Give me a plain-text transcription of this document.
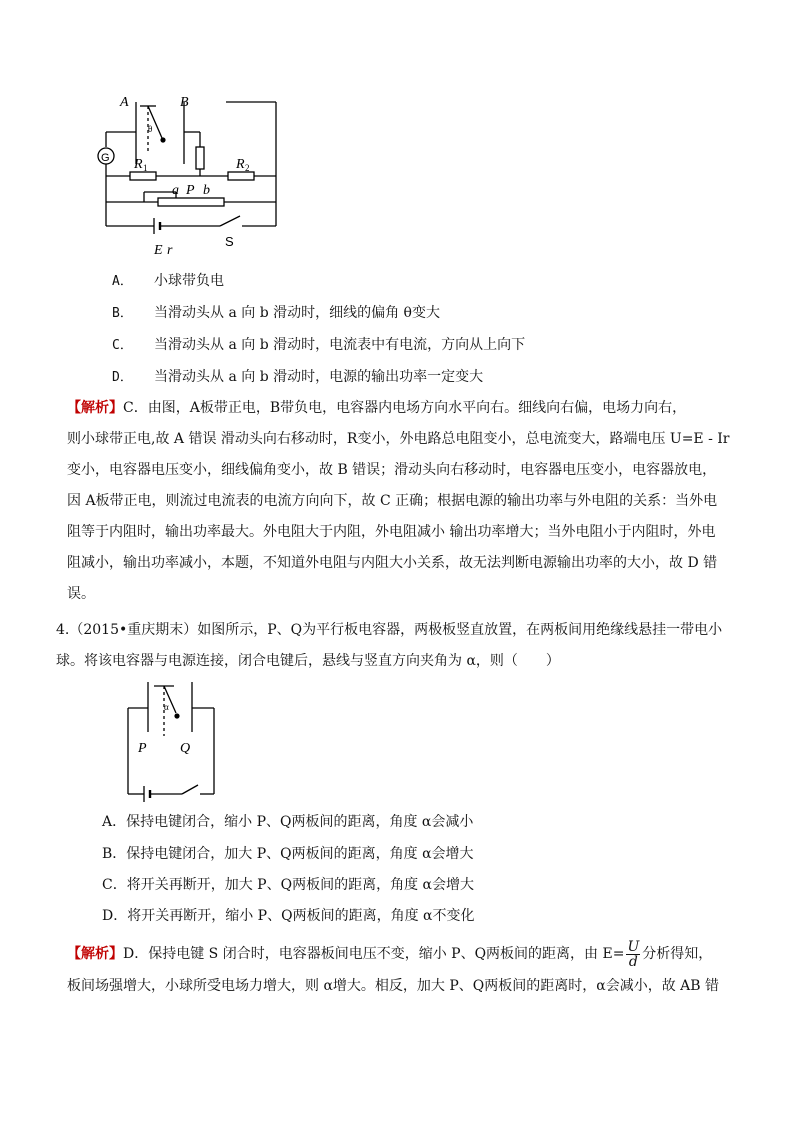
A	B
R	R
a P b
E r
1	2
θ
G
S
A． 小球带负电
B． 当滑动头从 a 向 b 滑动时，细线的偏角 θ变大
C． 当滑动头从 a 向 b 滑动时，电流表中有电流，方向从上向下
D． 当滑动头从 a 向 b 滑动时，电源的输出功率一定变大
【解析】C．由图，A板带正电，B带负电，电容器内电场方向水平向右。细线向右偏，电场力向右，
则小球带正电,故 A 错误 滑动头向右移动时，R变小，外电路总电阻变小，总电流变大，路端电压 U=E - Ir
变小，电容器电压变小，细线偏角变小，故 B 错误；滑动头向右移动时，电容器电压变小，电容器放电，
因 A板带正电，则流过电流表的电流方向向下，故 C 正确；根据电源的输出功率与外电阻的关系：当外电
阻等于内阻时，输出功率最大。外电阻大于内阻，外电阻减小 输出功率增大；当外电阻小于内阻时，外电
阻减小，输出功率减小，本题，不知道外电阻与内阻大小关系，故无法判断电源输出功率的大小，故 D 错
误。
4.（2015•重庆期末）如图所示，P、Q为平行板电容器，两极板竖直放置，在两板间用绝缘线悬挂一带电小
球。将该电容器与电源连接，闭合电键后，悬线与竖直方向夹角为 α，则（　　）
P Q
α
A．保持电键闭合，缩小 P、Q两板间的距离，角度 α会减小
B．保持电键闭合，加大 P、Q两板间的距离，角度 α会增大
C．将开关再断开，加大 P、Q两板间的距离，角度 α会增大
D．将开关再断开，缩小 P、Q两板间的距离，角度 α不变化
【解析】D．保持电键 S 闭合时，电容器板间电压不变，缩小 P、Q两板间的距离，由 $E= \frac{U}{d}$ 分析得知，
板间场强增大，小球所受电场力增大，则 α增大。相反，加大 P、Q两板间的距离时，α会减小，故 AB 错
